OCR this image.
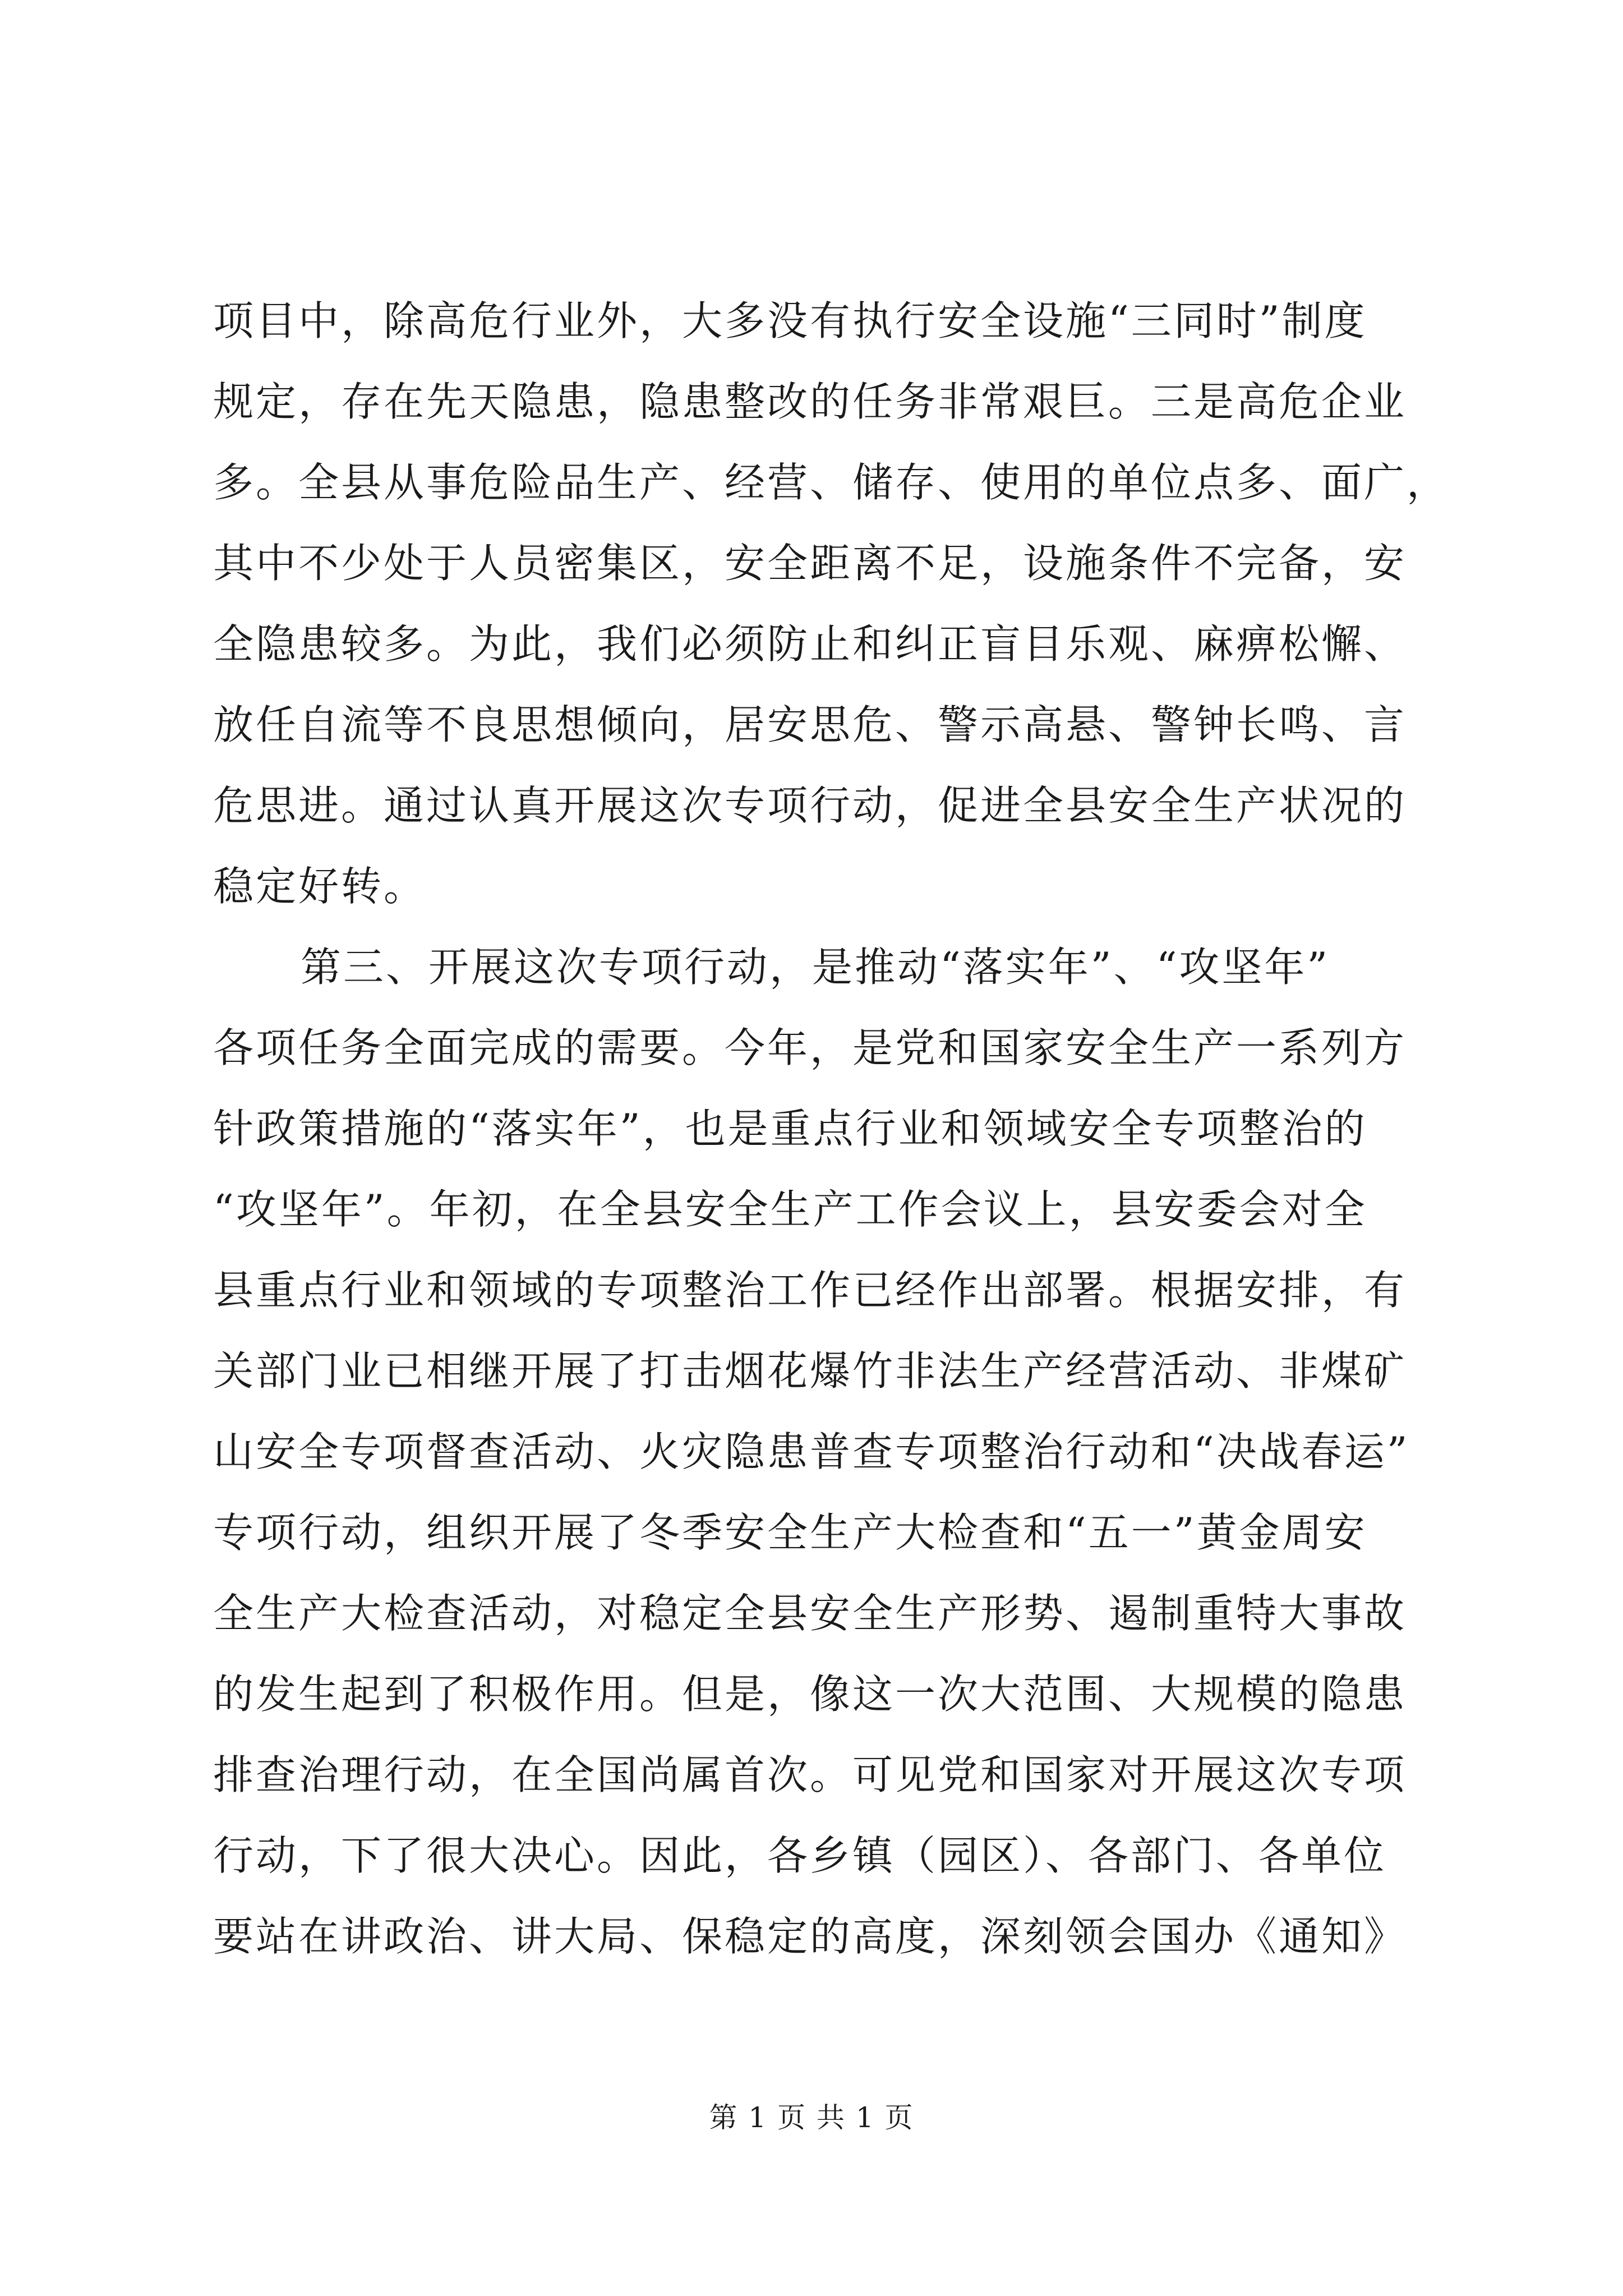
项目中，除高危行业外，大多没有执行安全设施“三同时”制度
规定，存在先天隐患，隐患整改的任务非常艰巨。三是高危企业
多。全县从事危险品生产、经营、储存、使用的单位点多、面广，
其中不少处于人员密集区，安全距离不足，设施条件不完备，安
全隐患较多。为此，我们必须防止和纠正盲目乐观、麻痹松懈、
放任自流等不良思想倾向，居安思危、警示高悬、警钟长鸣、言
危思进。通过认真开展这次专项行动，促进全县安全生产状况的
稳定好转。
第三、开展这次专项行动，是推动“落实年”、“攻坚年”
各项任务全面完成的需要。今年，是党和国家安全生产一系列方
针政策措施的“落实年”，也是重点行业和领域安全专项整治的
“攻坚年”。年初，在全县安全生产工作会议上，县安委会对全
县重点行业和领域的专项整治工作已经作出部署。根据安排，有
关部门业已相继开展了打击烟花爆竹非法生产经营活动、非煤矿
山安全专项督查活动、火灾隐患普查专项整治行动和“决战春运”
专项行动，组织开展了冬季安全生产大检查和“五一”黄金周安
全生产大检查活动，对稳定全县安全生产形势、遏制重特大事故
的发生起到了积极作用。但是，像这一次大范围、大规模的隐患
排查治理行动，在全国尚属首次。可见党和国家对开展这次专项
行动，下了很大决心。因此，各乡镇（园区）、各部门、各单位
要站在讲政治、讲大局、保稳定的高度，深刻领会国办《通知》
第 1 页 共 1 页
